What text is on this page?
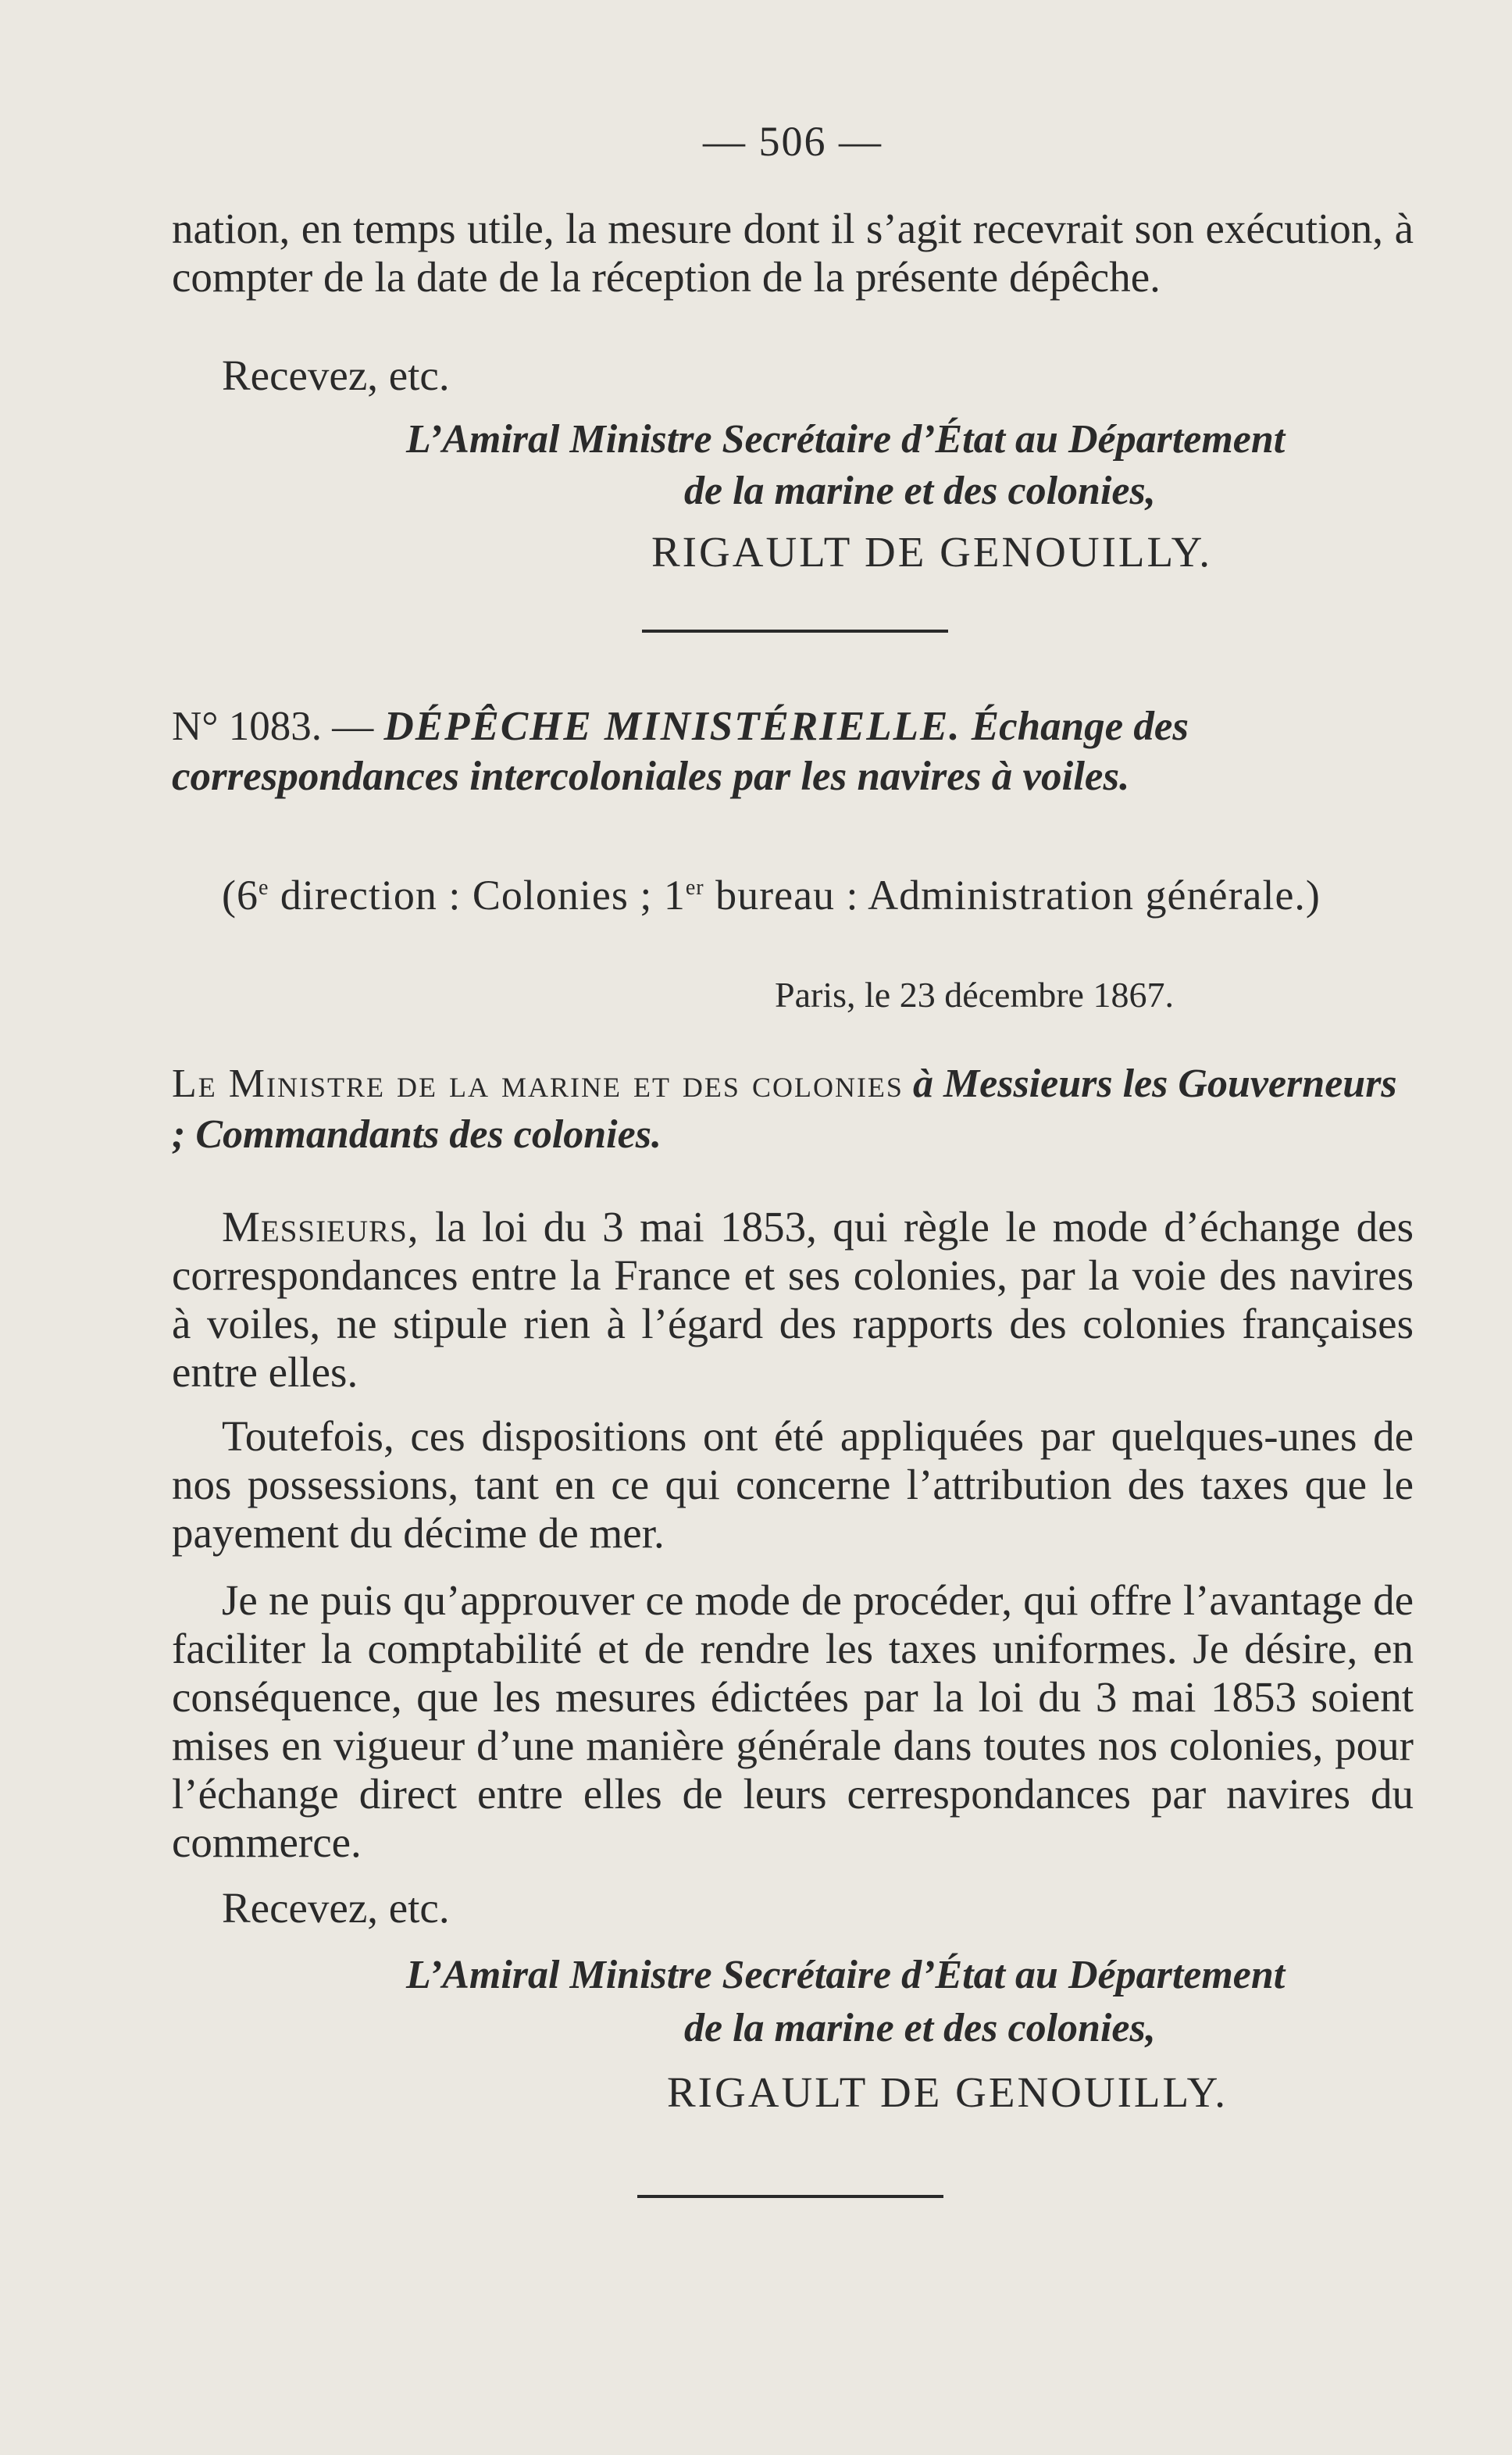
— 506 —
nation, en temps utile, la mesure dont il s’agit recevrait son exécution, à compter de la date de la réception de la présente dépêche.
Recevez, etc.
L’Amiral Ministre Secrétaire d’État au Département
de la marine et des colonies,
RIGAULT DE GENOUILLY.
N° 1083. — DÉPÊCHE MINISTÉRIELLE. Échange des correspondances intercoloniales par les navires à voiles.
(6e direction : Colonies ; 1er bureau : Administration générale.)
Paris, le 23 décembre 1867.
Le Ministre de la marine et des colonies à Messieurs les Gouverneurs ; Commandants des colonies.
Messieurs, la loi du 3 mai 1853, qui règle le mode d’échange des correspondances entre la France et ses colonies, par la voie des navires à voiles, ne stipule rien à l’égard des rapports des colonies françaises entre elles.
Toutefois, ces dispositions ont été appliquées par quelques-unes de nos possessions, tant en ce qui concerne l’attribution des taxes que le payement du décime de mer.
Je ne puis qu’approuver ce mode de procéder, qui offre l’avantage de faciliter la comptabilité et de rendre les taxes uniformes. Je désire, en conséquence, que les mesures édictées par la loi du 3 mai 1853 soient mises en vigueur d’une manière générale dans toutes nos colonies, pour l’échange direct entre elles de leurs cerrespondances par navires du commerce.
Recevez, etc.
L’Amiral Ministre Secrétaire d’État au Département
de la marine et des colonies,
RIGAULT DE GENOUILLY.
